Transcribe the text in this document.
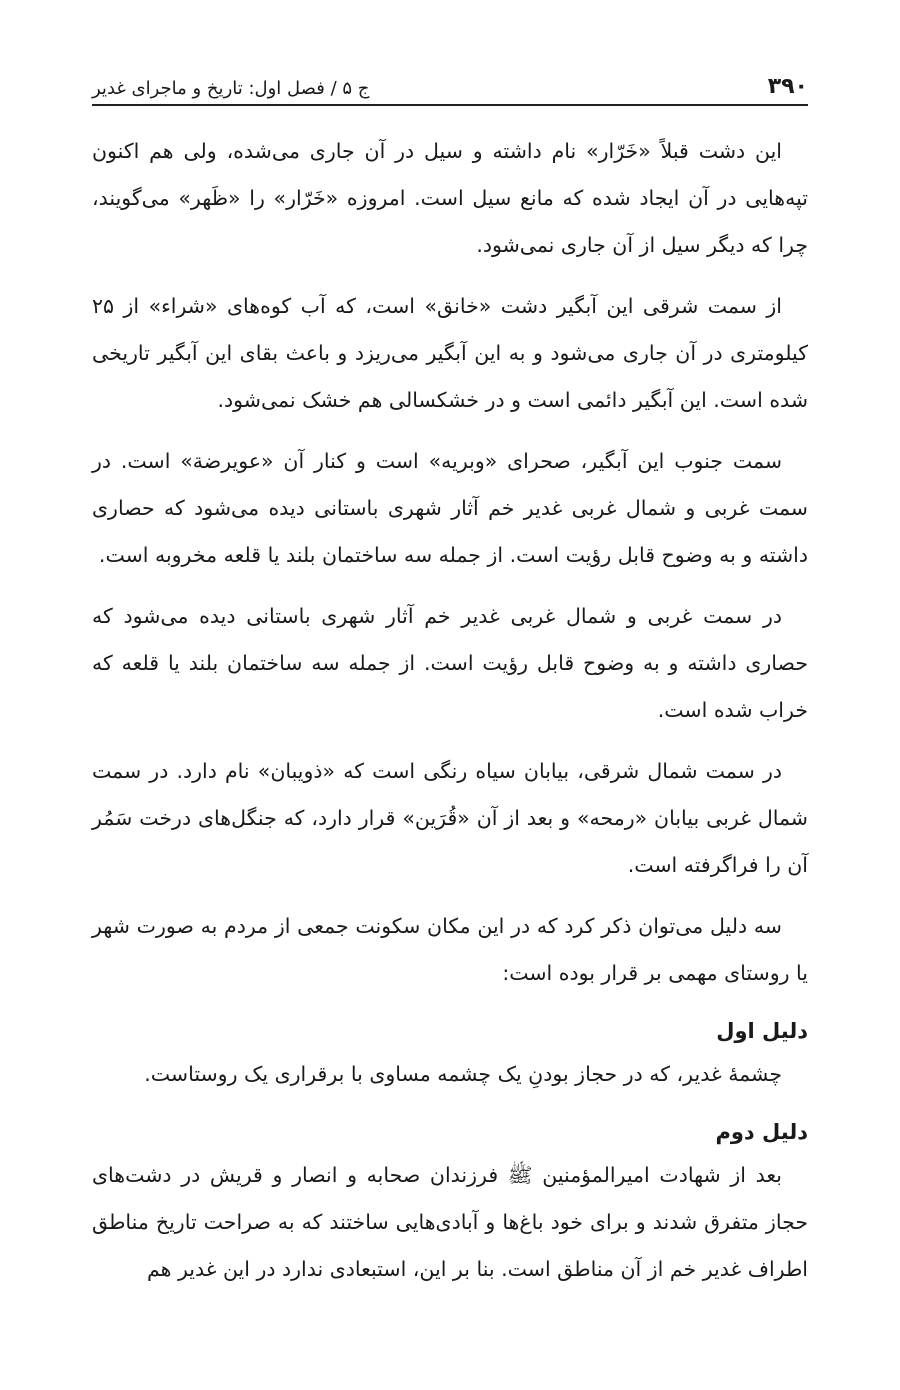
۳۹۰
ج ۵ / فصل اول: تاریخ و ماجرای غدیر

این دشت قبلاً «خَرّار» نام داشته و سیل در آن جاری می‌شده، ولی هم اکنون تپه‌هایی در آن ایجاد شده که مانع سیل است. امروزه «خَرّار» را «ظَهر» می‌گویند، چرا که دیگر سیل از آن جاری نمی‌شود.

از سمت شرقی این آبگیر دشت «خانق» است، که آب کوه‌های «شراء» از ۲۵ کیلومتری در آن جاری می‌شود و به این آبگیر می‌ریزد و باعث بقای این آبگیر تاریخی شده است. این آبگیر دائمی است و در خشکسالی هم خشک نمی‌شود.

سمت جنوب این آبگیر، صحرای «وبریه» است و کنار آن «عویرضة» است. در سمت غربی و شمال غربی غدیر خم آثار شهری باستانی دیده می‌شود که حصاری داشته و به وضوح قابل رؤیت است. از جمله سه ساختمان بلند یا قلعه مخروبه است.

در سمت غربی و شمال غربی غدیر خم آثار شهری باستانی دیده می‌شود که حصاری داشته و به وضوح قابل رؤیت است. از جمله سه ساختمان بلند یا قلعه که خراب شده است.

در سمت شمال شرقی، بیابان سیاه رنگی است که «ذویبان» نام دارد. در سمت شمال غربی بیابان «رمحه» و بعد از آن «قُرَین» قرار دارد، که جنگل‌های درخت سَمُر آن را فراگرفته است.

سه دلیل می‌توان ذکر کرد که در این مکان سکونت جمعی از مردم به صورت شهر یا روستای مهمی بر قرار بوده است:

دلیل اول

چشمهٔ غدیر، که در حجاز بودنِ یک چشمه مساوی با برقراری یک روستاست.

دلیل دوم

بعد از شهادت امیرالمؤمنین ﷺ فرزندان صحابه و انصار و قریش در دشت‌های حجاز متفرق شدند و برای خود باغ‌ها و آبادی‌هایی ساختند که به صراحت تاریخ مناطق اطراف غدیر خم از آن مناطق است. بنا بر این، استبعادی ندارد در این غدیر هم
